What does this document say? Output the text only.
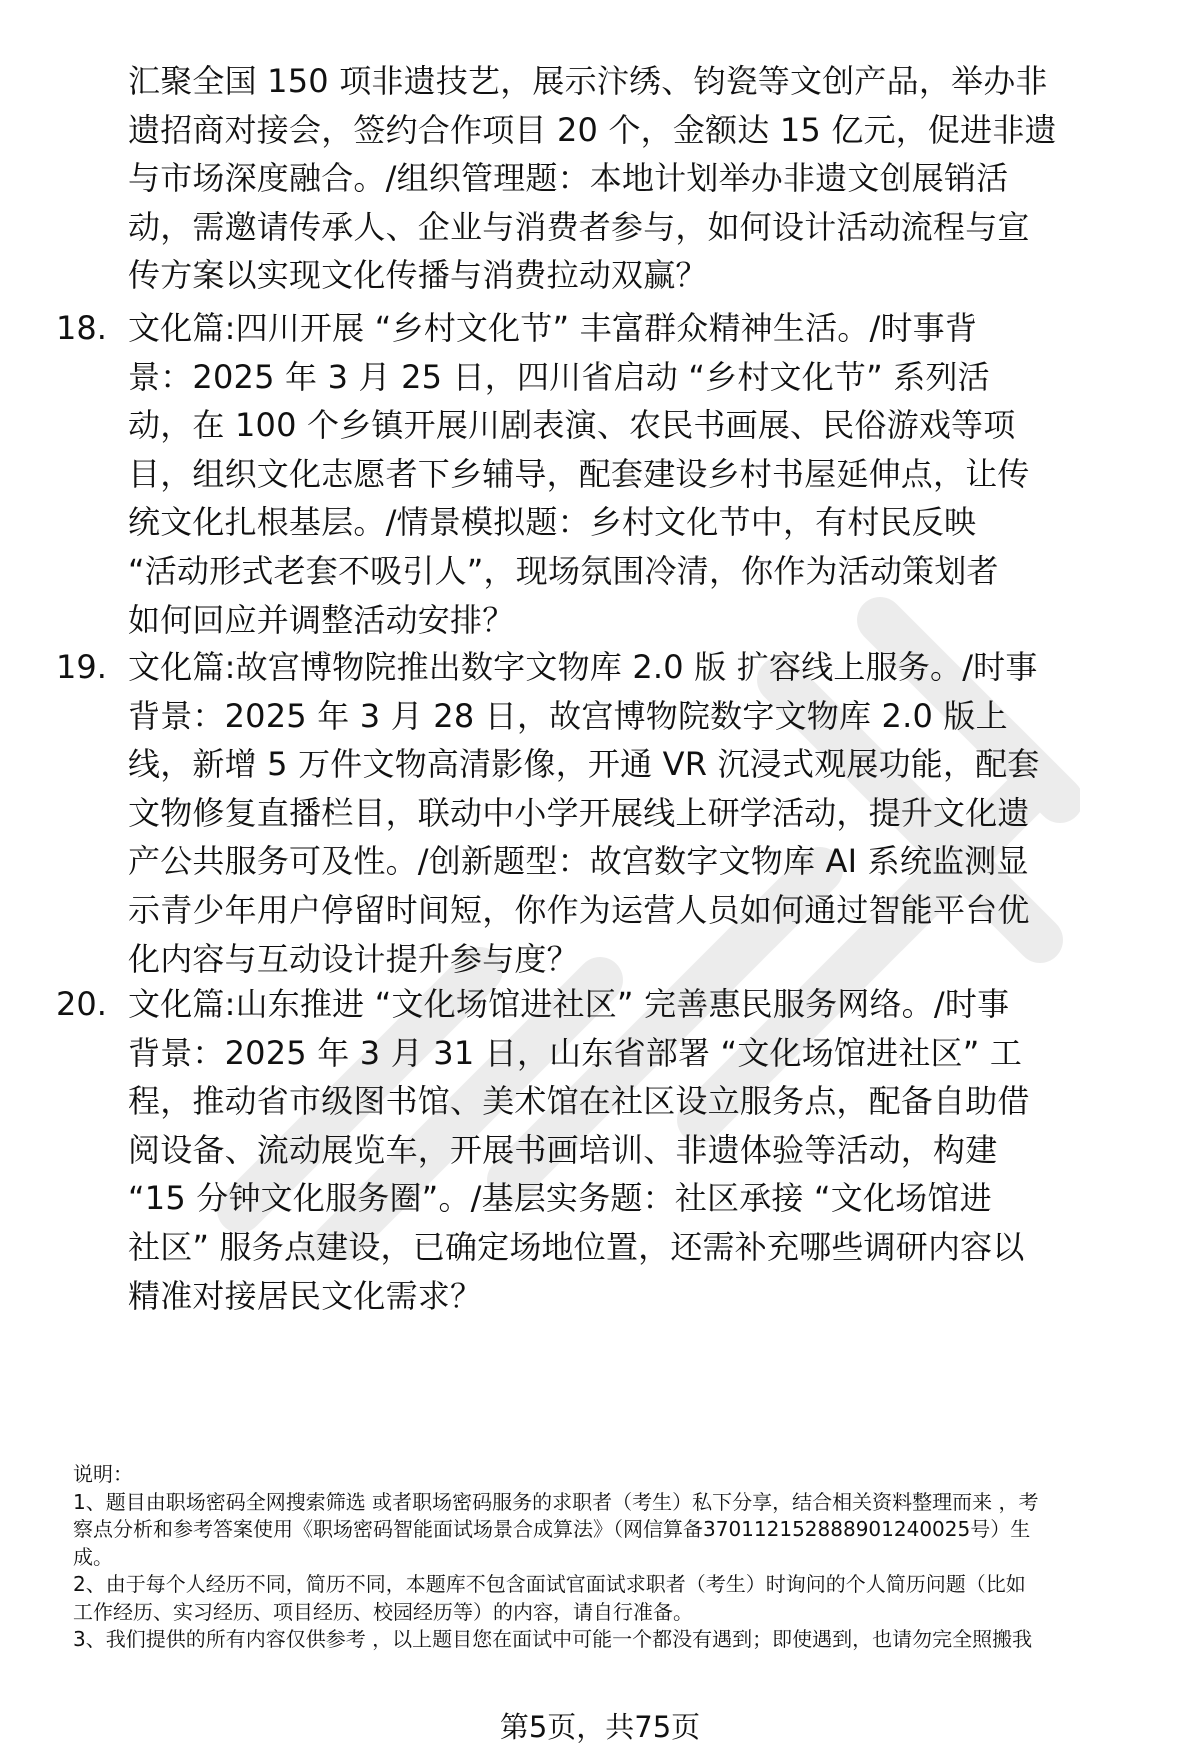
汇聚全国 150 项非遗技艺，展示汴绣、钧瓷等文创产品，举办非
遗招商对接会，签约合作项目 20 个，金额达 15 亿元，促进非遗
与市场深度融合。/组织管理题：本地计划举办非遗文创展销活
动，需邀请传承人、企业与消费者参与，如何设计活动流程与宣
传方案以实现文化传播与消费拉动双赢？
18. 文化篇:四川开展 “乡村文化节” 丰富群众精神生活。/时事背
景：2025 年 3 月 25 日，四川省启动 “乡村文化节” 系列活
动，在 100 个乡镇开展川剧表演、农民书画展、民俗游戏等项
目，组织文化志愿者下乡辅导，配套建设乡村书屋延伸点，让传
统文化扎根基层。/情景模拟题：乡村文化节中，有村民反映
“活动形式老套不吸引人”，现场氛围冷清，你作为活动策划者
如何回应并调整活动安排？
19. 文化篇:故宫博物院推出数字文物库 2.0 版 扩容线上服务。/时事
背景：2025 年 3 月 28 日，故宫博物院数字文物库 2.0 版上
线，新增 5 万件文物高清影像，开通 VR 沉浸式观展功能，配套
文物修复直播栏目，联动中小学开展线上研学活动，提升文化遗
产公共服务可及性。/创新题型：故宫数字文物库 AI 系统监测显
示青少年用户停留时间短，你作为运营人员如何通过智能平台优
化内容与互动设计提升参与度？
20. 文化篇:山东推进 “文化场馆进社区” 完善惠民服务网络。/时事
背景：2025 年 3 月 31 日，山东省部署 “文化场馆进社区” 工
程，推动省市级图书馆、美术馆在社区设立服务点，配备自助借
阅设备、流动展览车，开展书画培训、非遗体验等活动，构建
“15 分钟文化服务圈”。/基层实务题：社区承接 “文化场馆进
社区” 服务点建设，已确定场地位置，还需补充哪些调研内容以
精准对接居民文化需求？
说明：
1、题目由职场密码全网搜索筛选 或者职场密码服务的求职者（考生）私下分享，结合相关资料整理而来 ，考
察点分析和参考答案使用《职场密码智能面试场景合成算法》（网信算备370112152888901240025号）生
成。
2、由于每个人经历不同，简历不同，本题库不包含面试官面试求职者（考生）时询问的个人简历问题（比如
工作经历、实习经历、项目经历、校园经历等）的内容，请自行准备。
3、我们提供的所有内容仅供参考 ，以上题目您在面试中可能一个都没有遇到；即使遇到，也请勿完全照搬我
第5页，共75页
